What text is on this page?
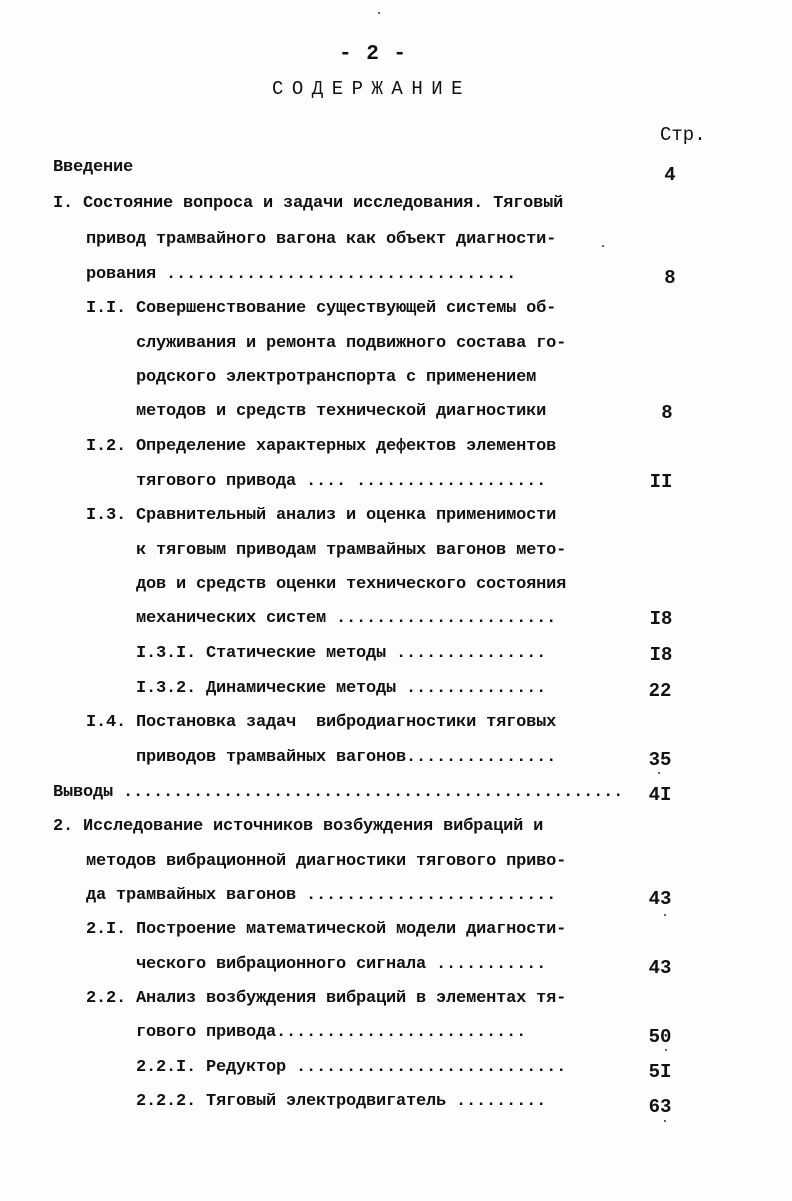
- 2 -
СОДЕРЖАНИЕ
Стр.
Введение	4
I. Состояние вопроса и задачи исследования. Тяговый
привод трамвайного вагона как объект диагности-
рования ...................................	8
I.I. Совершенствование существующей системы об-
служивания и ремонта подвижного состава го-
родского электротранспорта с применением
методов и средств технической диагностики	8
I.2. Определение характерных дефектов элементов
тягового привода .... ...................	II
I.3. Сравнительный анализ и оценка применимости
к тяговым приводам трамвайных вагонов мето-
дов и средств оценки технического состояния
механических систем ......................	I8
I.3.I. Статические методы ...............	I8
I.3.2. Динамические методы ..............	22
I.4. Постановка задач  вибродиагностики тяговых
приводов трамвайных вагонов...............	35
Выводы ..................................................	4I
2. Исследование источников возбуждения вибраций и
методов вибрационной диагностики тягового приво-
да трамвайных вагонов .........................	43
2.I. Построение математической модели диагности-
ческого вибрационного сигнала ...........	43
2.2. Анализ возбуждения вибраций в элементах тя-
гового привода.........................	50
2.2.I. Редуктор ...........................	5I
2.2.2. Тяговый электродвигатель .........	63
